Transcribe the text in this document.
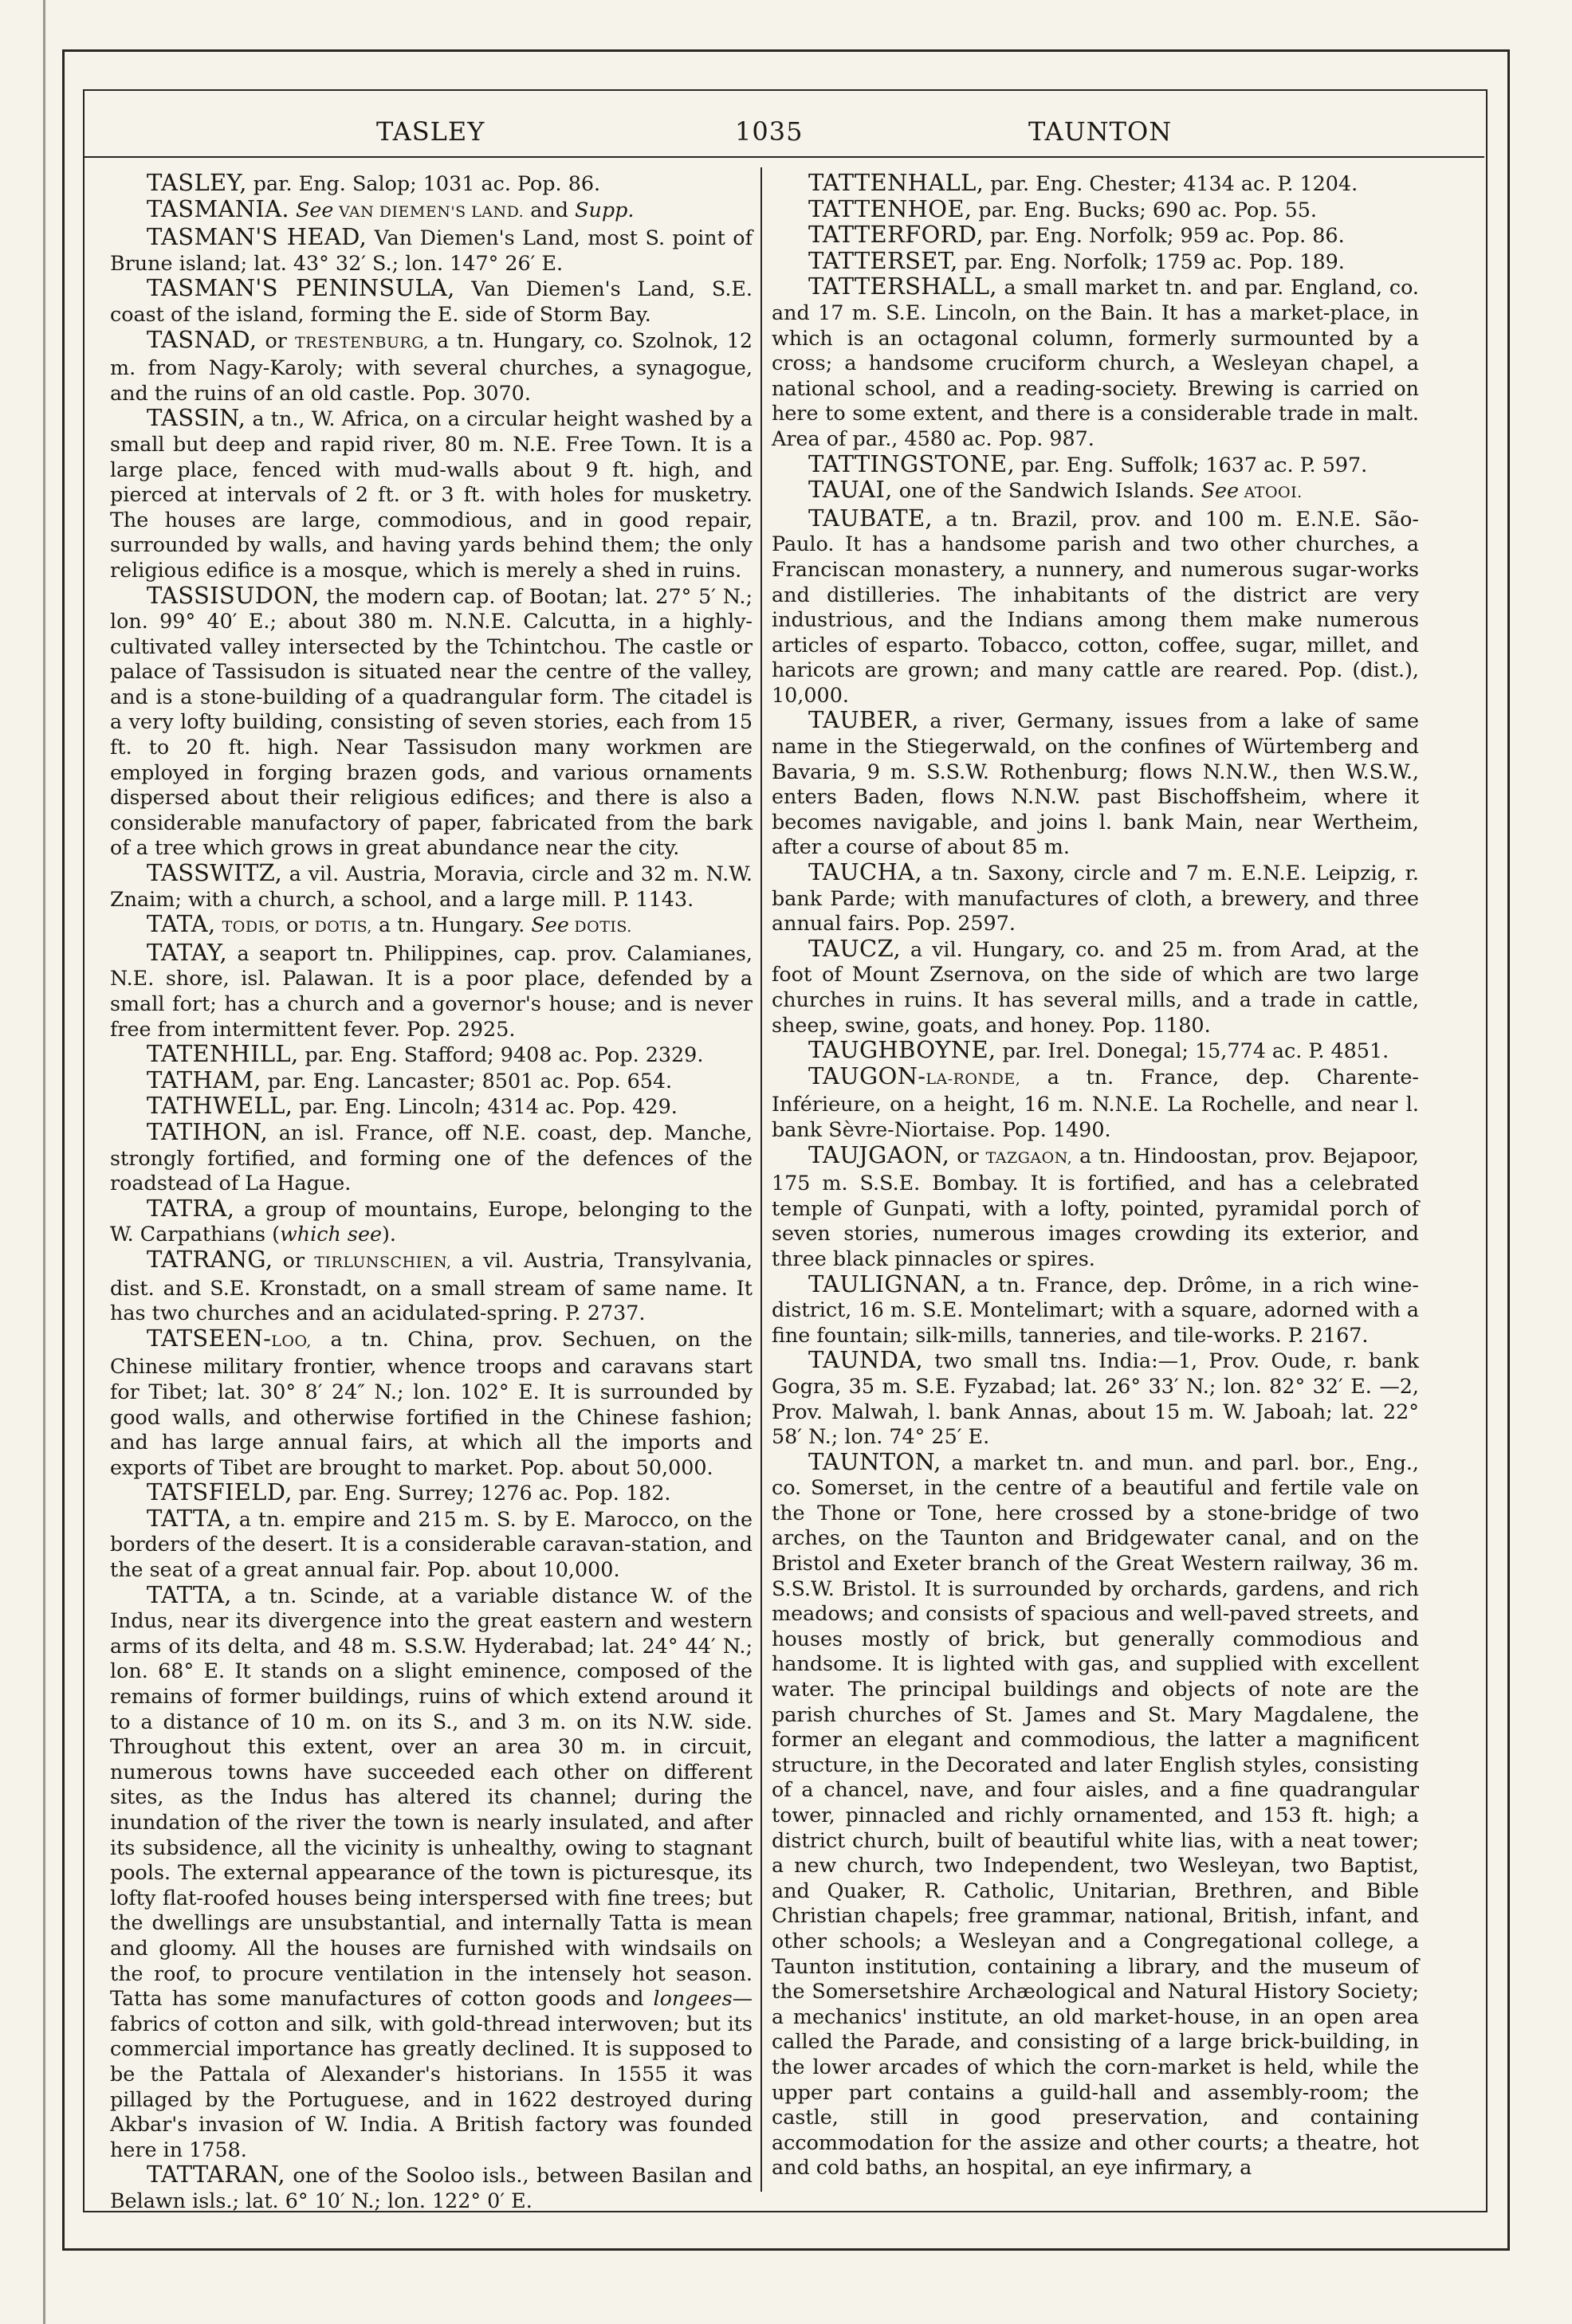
TASLEY	1035	TAUNTON

TASLEY, par. Eng. Salop; 1031 ac. Pop. 86.

TASMANIA. See VAN DIEMEN'S LAND. and Supp.

TASMAN'S HEAD, Van Diemen's Land, most S. point of Brune island; lat. 43° 32′ S.; lon. 147° 26′ E.

TASMAN'S PENINSULA, Van Diemen's Land, S.E. coast of the island, forming the E. side of Storm Bay.

TASNAD, or TRESTENBURG, a tn. Hungary, co. Szolnok, 12 m. from Nagy-Karoly; with several churches, a synagogue, and the ruins of an old castle. Pop. 3070.

TASSIN, a tn., W. Africa, on a circular height washed by a small but deep and rapid river, 80 m. N.E. Free Town. It is a large place, fenced with mud-walls about 9 ft. high, and pierced at intervals of 2 ft. or 3 ft. with holes for musketry. The houses are large, commodious, and in good repair, surrounded by walls, and having yards behind them; the only religious edifice is a mosque, which is merely a shed in ruins.

TASSISUDON, the modern cap. of Bootan; lat. 27° 5′ N.; lon. 99° 40′ E.; about 380 m. N.N.E. Calcutta, in a highly-cultivated valley intersected by the Tchintchou. The castle or palace of Tassisudon is situated near the centre of the valley, and is a stone-building of a quadrangular form. The citadel is a very lofty building, consisting of seven stories, each from 15 ft. to 20 ft. high. Near Tassisudon many workmen are employed in forging brazen gods, and various ornaments dispersed about their religious edifices; and there is also a considerable manufactory of paper, fabricated from the bark of a tree which grows in great abundance near the city.

TASSWITZ, a vil. Austria, Moravia, circle and 32 m. N.W. Znaim; with a church, a school, and a large mill. P. 1143.

TATA, TODIS, or DOTIS, a tn. Hungary. See DOTIS.

TATAY, a seaport tn. Philippines, cap. prov. Calamianes, N.E. shore, isl. Palawan. It is a poor place, defended by a small fort; has a church and a governor's house; and is never free from intermittent fever. Pop. 2925.

TATENHILL, par. Eng. Stafford; 9408 ac. Pop. 2329.

TATHAM, par. Eng. Lancaster; 8501 ac. Pop. 654.

TATHWELL, par. Eng. Lincoln; 4314 ac. Pop. 429.

TATIHON, an isl. France, off N.E. coast, dep. Manche, strongly fortified, and forming one of the defences of the roadstead of La Hague.

TATRA, a group of mountains, Europe, belonging to the W. Carpathians (which see).

TATRANG, or TIRLUNSCHIEN, a vil. Austria, Transylvania, dist. and S.E. Kronstadt, on a small stream of same name. It has two churches and an acidulated-spring. P. 2737.

TATSEEN-LOO, a tn. China, prov. Sechuen, on the Chinese military frontier, whence troops and caravans start for Tibet; lat. 30° 8′ 24″ N.; lon. 102° E. It is surrounded by good walls, and otherwise fortified in the Chinese fashion; and has large annual fairs, at which all the imports and exports of Tibet are brought to market. Pop. about 50,000.

TATSFIELD, par. Eng. Surrey; 1276 ac. Pop. 182.

TATTA, a tn. empire and 215 m. S. by E. Marocco, on the borders of the desert. It is a considerable caravan-station, and the seat of a great annual fair. Pop. about 10,000.

TATTA, a tn. Scinde, at a variable distance W. of the Indus, near its divergence into the great eastern and western arms of its delta, and 48 m. S.S.W. Hyderabad; lat. 24° 44′ N.; lon. 68° E. It stands on a slight eminence, composed of the remains of former buildings, ruins of which extend around it to a distance of 10 m. on its S., and 3 m. on its N.W. side. Throughout this extent, over an area 30 m. in circuit, numerous towns have succeeded each other on different sites, as the Indus has altered its channel; during the inundation of the river the town is nearly insulated, and after its subsidence, all the vicinity is unhealthy, owing to stagnant pools. The external appearance of the town is picturesque, its lofty flat-roofed houses being interspersed with fine trees; but the dwellings are unsubstantial, and internally Tatta is mean and gloomy. All the houses are furnished with windsails on the roof, to procure ventilation in the intensely hot season. Tatta has some manufactures of cotton goods and longees—fabrics of cotton and silk, with gold-thread interwoven; but its commercial importance has greatly declined. It is supposed to be the Pattala of Alexander's historians. In 1555 it was pillaged by the Portuguese, and in 1622 destroyed during Akbar's invasion of W. India. A British factory was founded here in 1758.

TATTARAN, one of the Sooloo isls., between Basilan and Belawn isls.; lat. 6° 10′ N.; lon. 122° 0′ E.

TATTENHALL, par. Eng. Chester; 4134 ac. P. 1204.

TATTENHOE, par. Eng. Bucks; 690 ac. Pop. 55.

TATTERFORD, par. Eng. Norfolk; 959 ac. Pop. 86.

TATTERSET, par. Eng. Norfolk; 1759 ac. Pop. 189.

TATTERSHALL, a small market tn. and par. England, co. and 17 m. S.E. Lincoln, on the Bain. It has a market-place, in which is an octagonal column, formerly surmounted by a cross; a handsome cruciform church, a Wesleyan chapel, a national school, and a reading-society. Brewing is carried on here to some extent, and there is a considerable trade in malt. Area of par., 4580 ac. Pop. 987.

TATTINGSTONE, par. Eng. Suffolk; 1637 ac. P. 597.

TAUAI, one of the Sandwich Islands. See ATOOI.

TAUBATE, a tn. Brazil, prov. and 100 m. E.N.E. São-Paulo. It has a handsome parish and two other churches, a Franciscan monastery, a nunnery, and numerous sugar-works and distilleries. The inhabitants of the district are very industrious, and the Indians among them make numerous articles of esparto. Tobacco, cotton, coffee, sugar, millet, and haricots are grown; and many cattle are reared. Pop. (dist.), 10,000.

TAUBER, a river, Germany, issues from a lake of same name in the Stiegerwald, on the confines of Würtemberg and Bavaria, 9 m. S.S.W. Rothenburg; flows N.N.W., then W.S.W., enters Baden, flows N.N.W. past Bischoffsheim, where it becomes navigable, and joins l. bank Main, near Wertheim, after a course of about 85 m.

TAUCHA, a tn. Saxony, circle and 7 m. E.N.E. Leipzig, r. bank Parde; with manufactures of cloth, a brewery, and three annual fairs. Pop. 2597.

TAUCZ, a vil. Hungary, co. and 25 m. from Arad, at the foot of Mount Zsernova, on the side of which are two large churches in ruins. It has several mills, and a trade in cattle, sheep, swine, goats, and honey. Pop. 1180.

TAUGHBOYNE, par. Irel. Donegal; 15,774 ac. P. 4851.

TAUGON-LA-RONDE, a tn. France, dep. Charente-Inférieure, on a height, 16 m. N.N.E. La Rochelle, and near l. bank Sèvre-Niortaise. Pop. 1490.

TAUJGAON, or TAZGAON, a tn. Hindoostan, prov. Bejapoor, 175 m. S.S.E. Bombay. It is fortified, and has a celebrated temple of Gunpati, with a lofty, pointed, pyramidal porch of seven stories, numerous images crowding its exterior, and three black pinnacles or spires.

TAULIGNAN, a tn. France, dep. Drôme, in a rich wine-district, 16 m. S.E. Montelimart; with a square, adorned with a fine fountain; silk-mills, tanneries, and tile-works. P. 2167.

TAUNDA, two small tns. India:—1, Prov. Oude, r. bank Gogra, 35 m. S.E. Fyzabad; lat. 26° 33′ N.; lon. 82° 32′ E. —2, Prov. Malwah, l. bank Annas, about 15 m. W. Jaboah; lat. 22° 58′ N.; lon. 74° 25′ E.

TAUNTON, a market tn. and mun. and parl. bor., Eng., co. Somerset, in the centre of a beautiful and fertile vale on the Thone or Tone, here crossed by a stone-bridge of two arches, on the Taunton and Bridgewater canal, and on the Bristol and Exeter branch of the Great Western railway, 36 m. S.S.W. Bristol. It is surrounded by orchards, gardens, and rich meadows; and consists of spacious and well-paved streets, and houses mostly of brick, but generally commodious and handsome. It is lighted with gas, and supplied with excellent water. The principal buildings and objects of note are the parish churches of St. James and St. Mary Magdalene, the former an elegant and commodious, the latter a magnificent structure, in the Decorated and later English styles, consisting of a chancel, nave, and four aisles, and a fine quadrangular tower, pinnacled and richly ornamented, and 153 ft. high; a district church, built of beautiful white lias, with a neat tower; a new church, two Independent, two Wesleyan, two Baptist, and Quaker, R. Catholic, Unitarian, Brethren, and Bible Christian chapels; free grammar, national, British, infant, and other schools; a Wesleyan and a Congregational college, a Taunton institution, containing a library, and the museum of the Somersetshire Archæological and Natural History Society; a mechanics' institute, an old market-house, in an open area called the Parade, and consisting of a large brick-building, in the lower arcades of which the corn-market is held, while the upper part contains a guild-hall and assembly-room; the castle, still in good preservation, and containing accommodation for the assize and other courts; a theatre, hot and cold baths, an hospital, an eye infirmary, a
